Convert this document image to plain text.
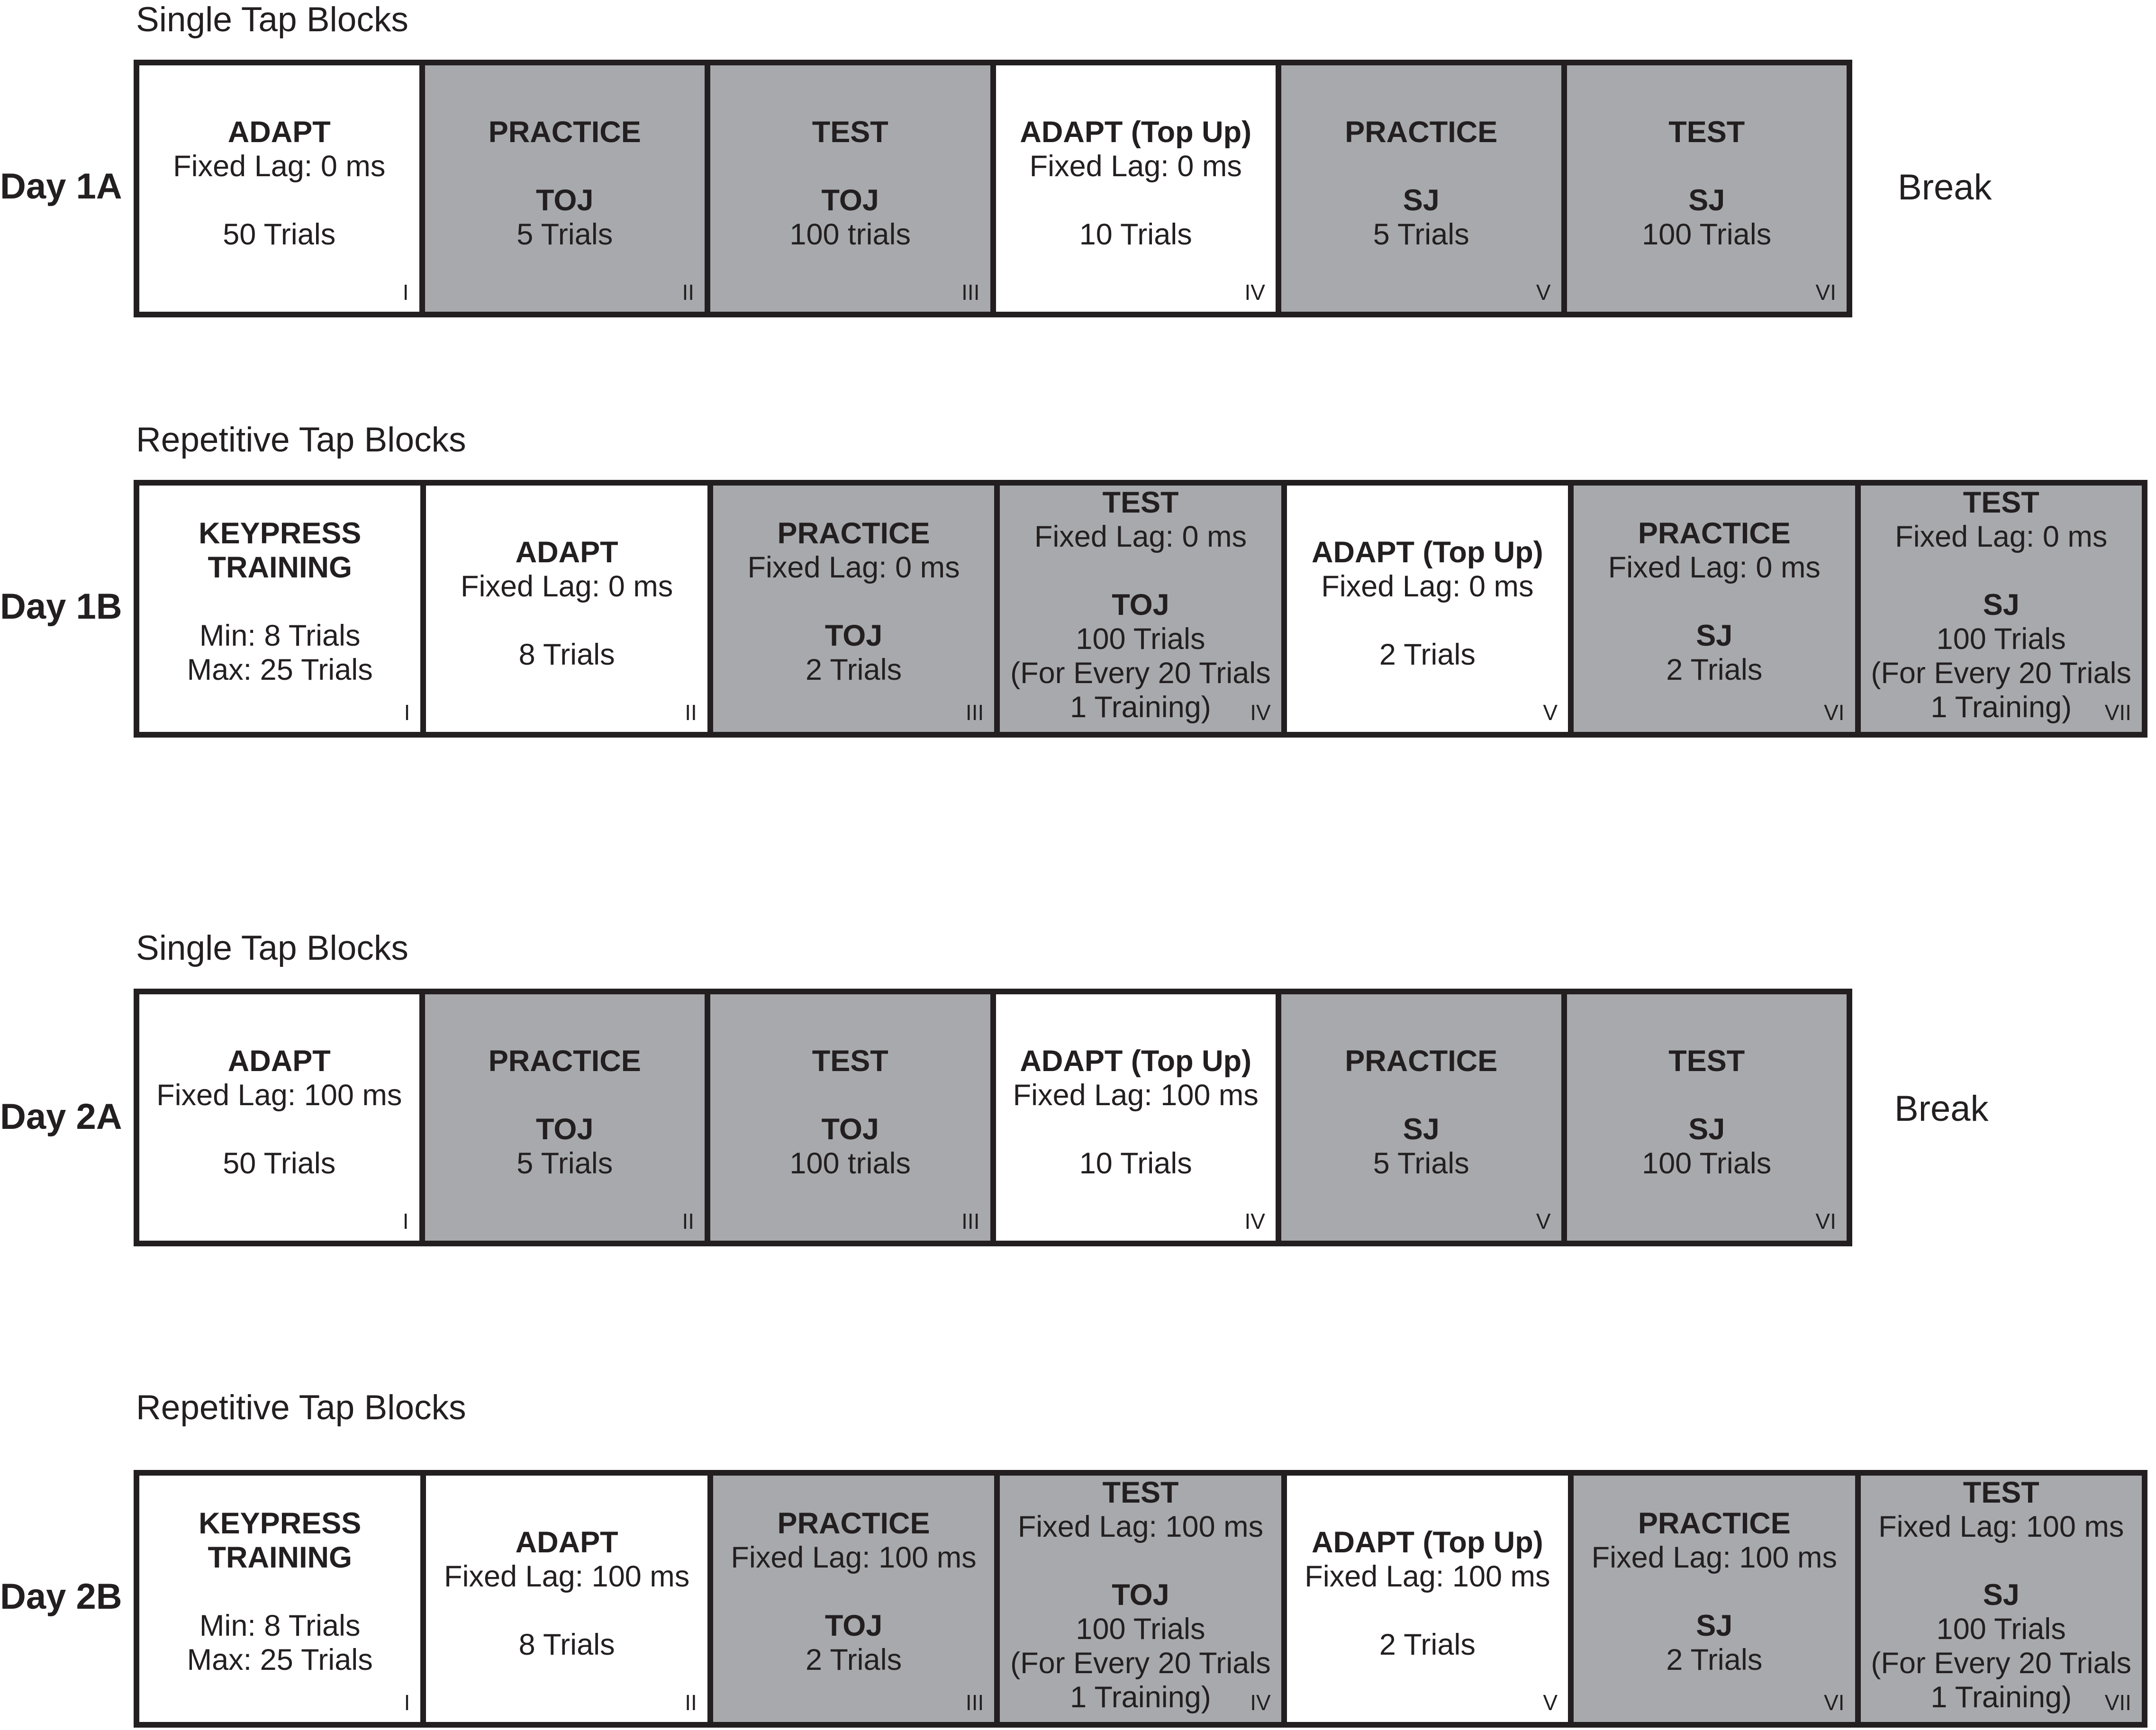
Single Tap Blocks
Day 1A
ADAPT
Fixed Lag: 0 ms
50 Trials
I
PRACTICE
TOJ
5 Trials
II
TEST
TOJ
100 trials
III
ADAPT (Top Up)
Fixed Lag: 0 ms
10 Trials
IV
PRACTICE
SJ
5 Trials
V
TEST
SJ
100 Trials
VI
Break
Repetitive Tap Blocks
Day 1B
KEYPRESS
TRAINING
Min: 8 Trials
Max: 25 Trials
I
ADAPT
Fixed Lag: 0 ms
8 Trials
II
PRACTICE
Fixed Lag: 0 ms
TOJ
2 Trials
III
TEST
Fixed Lag: 0 ms
TOJ
100 Trials
(For Every 20 Trials
1 Training) IV
ADAPT (Top Up)
Fixed Lag: 0 ms
2 Trials
V
PRACTICE
Fixed Lag: 0 ms
SJ
2 Trials
VI
TEST
Fixed Lag: 0 ms
SJ
100 Trials
(For Every 20 Trials
1 Training) VII
Single Tap Blocks
Day 2A
ADAPT
Fixed Lag: 100 ms
50 Trials
I
PRACTICE
TOJ
5 Trials
II
TEST
TOJ
100 trials
III
ADAPT (Top Up)
Fixed Lag: 100 ms
10 Trials
IV
PRACTICE
SJ
5 Trials
V
TEST
SJ
100 Trials
VI
Break
Repetitive Tap Blocks
Day 2B
KEYPRESS
TRAINING
Min: 8 Trials
Max: 25 Trials
I
ADAPT
Fixed Lag: 100 ms
8 Trials
II
PRACTICE
Fixed Lag: 100 ms
TOJ
2 Trials
III
TEST
Fixed Lag: 100 ms
TOJ
100 Trials
(For Every 20 Trials
1 Training) IV
ADAPT (Top Up)
Fixed Lag: 100 ms
2 Trials
V
PRACTICE
Fixed Lag: 100 ms
SJ
2 Trials
VI
TEST
Fixed Lag: 100 ms
SJ
100 Trials
(For Every 20 Trials
1 Training) VII
